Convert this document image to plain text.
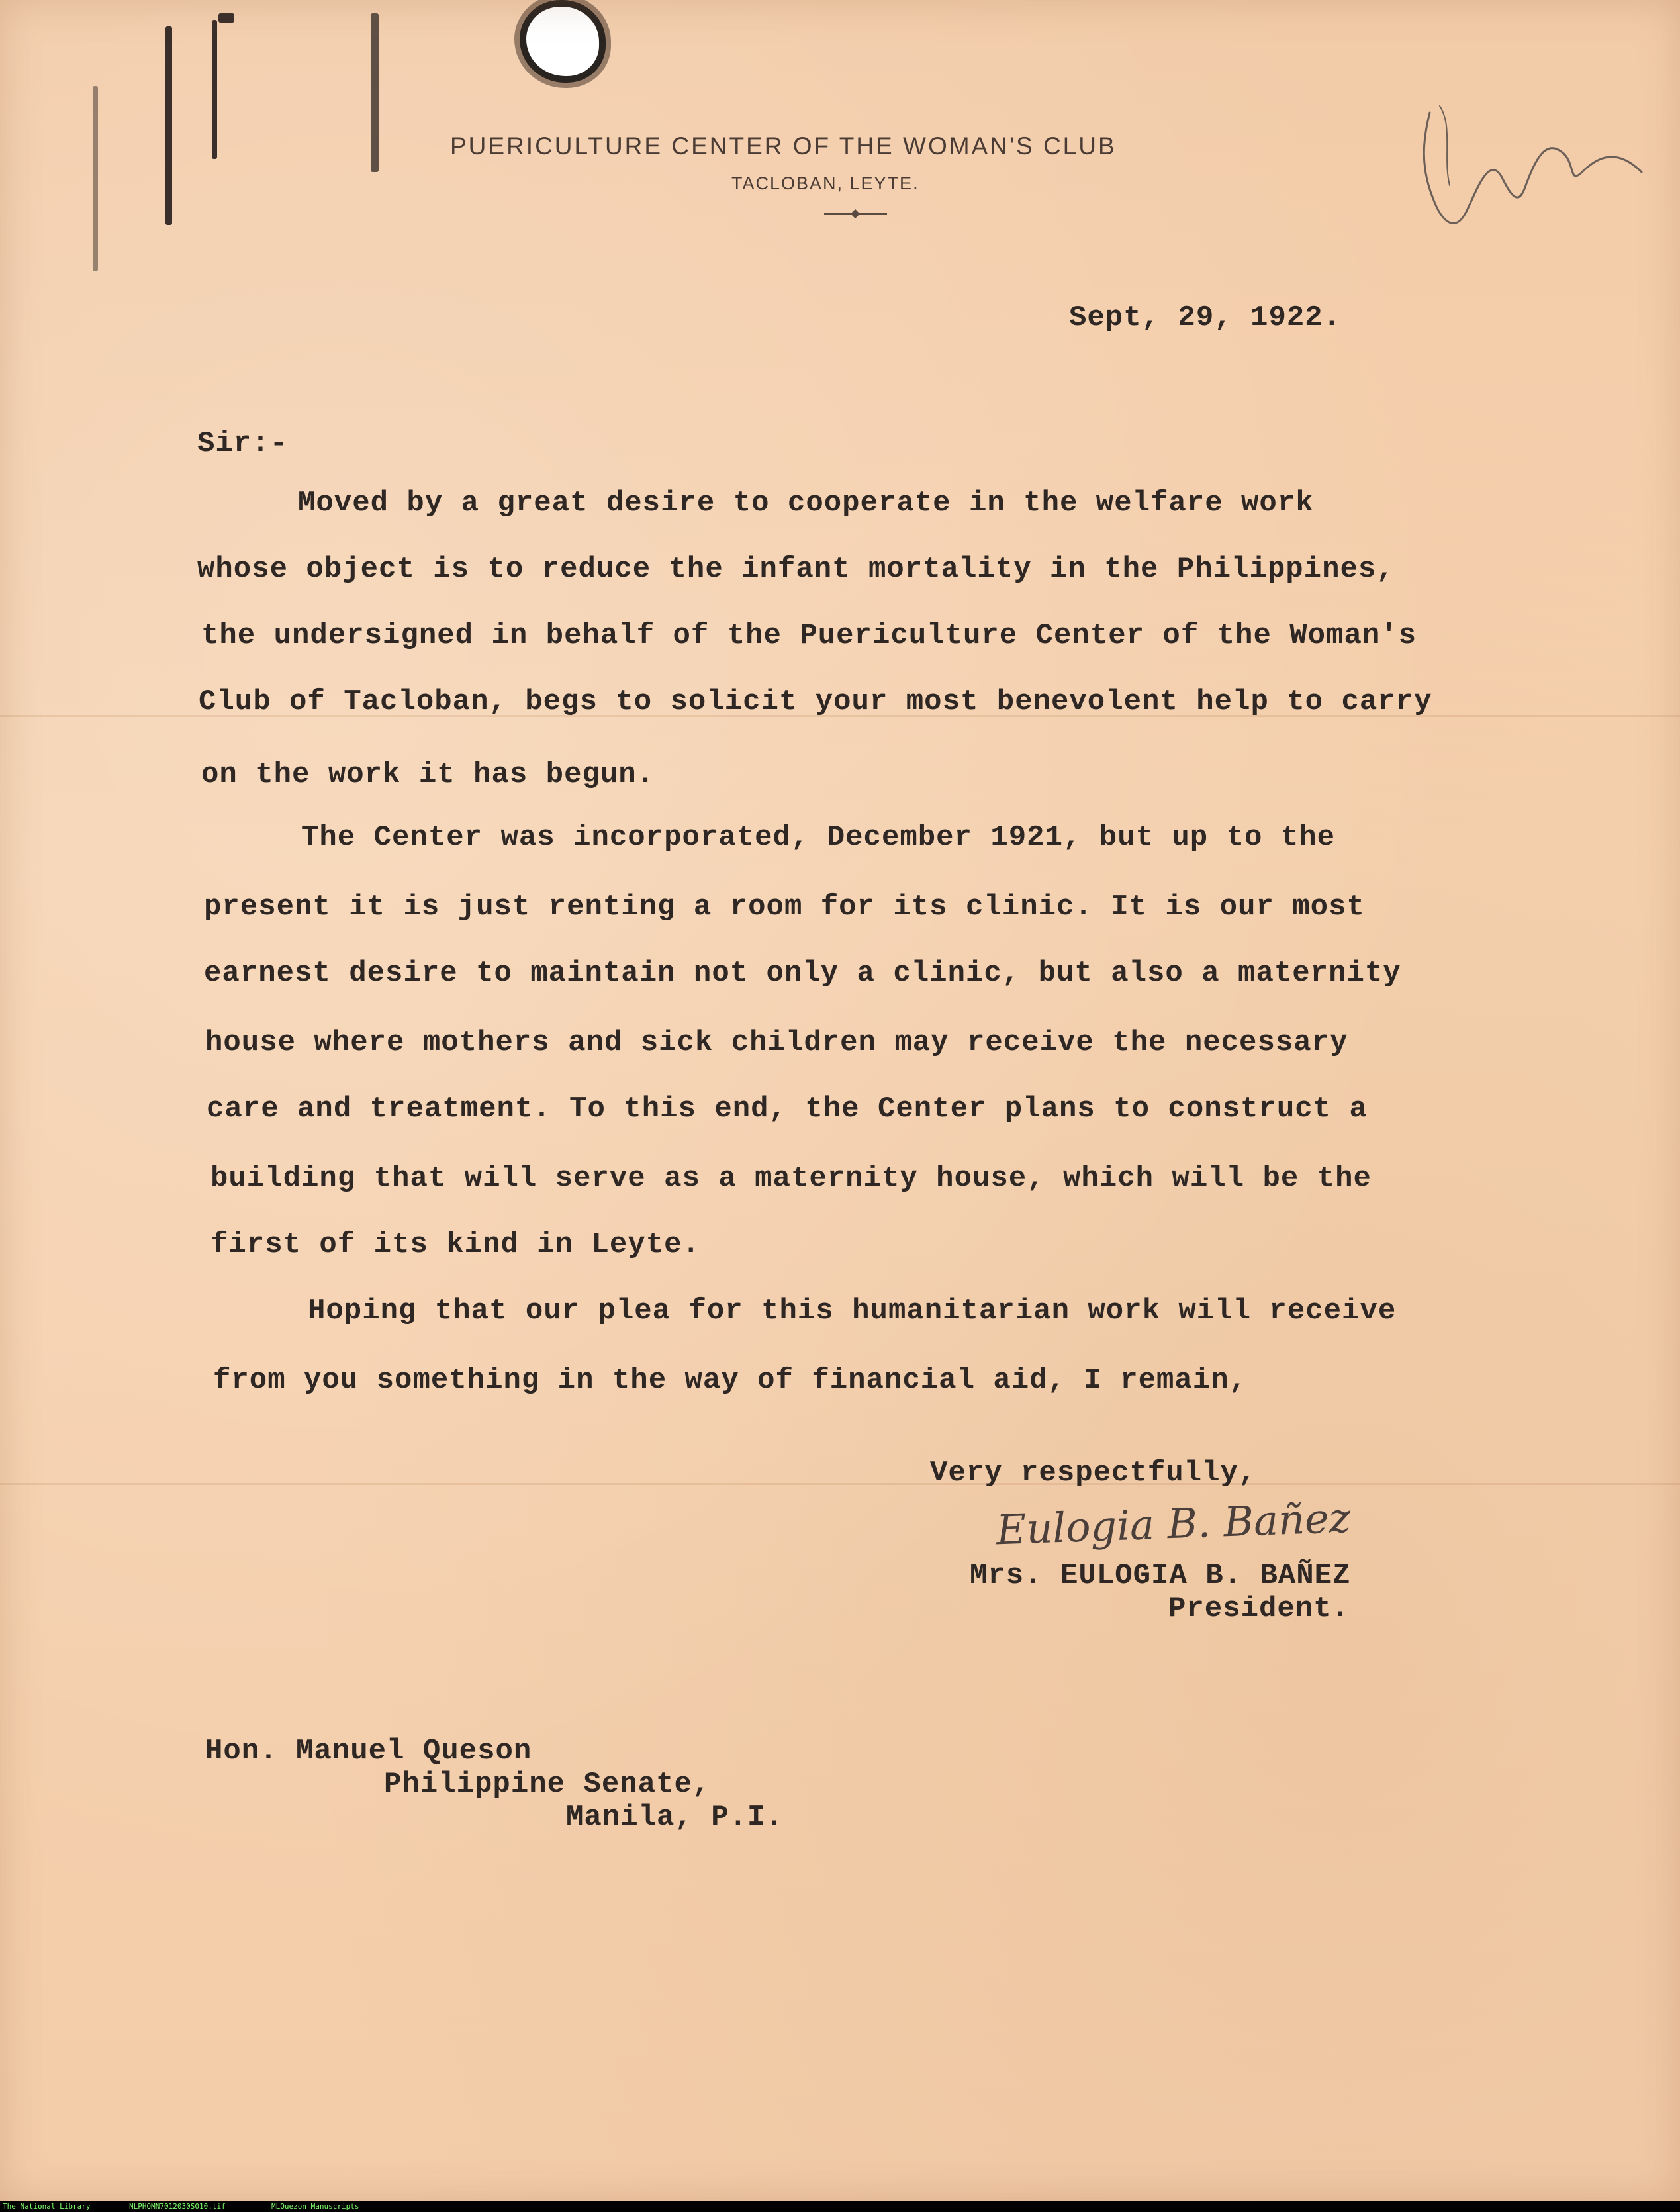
PUERICULTURE CENTER OF THE WOMAN'S CLUB
TACLOBAN, LEYTE.
Sept, 29, 1922.
Sir:-
Moved by a great desire to cooperate in the welfare work
whose object is to reduce the infant mortality in the Philippines,
the undersigned in behalf of the Puericulture Center of the Woman's
Club of Tacloban, begs to solicit your most benevolent help to carry
on the work it has begun.
The Center was incorporated, December 1921, but up to the
present it is just renting a room for its clinic. It is our most
earnest desire to maintain not only a clinic, but also a maternity
house where mothers and sick children may receive the necessary
care and treatment. To this end, the Center plans to construct a
building that will serve as a maternity house, which will be the
first of its kind in Leyte.
Hoping that our plea for this humanitarian work will receive
from you something in the way of financial aid, I remain,
Very respectfully,
Eulogia B. Bañez
Mrs. EULOGIA B. BAÑEZ
President.
Hon. Manuel Queson
Philippine Senate,
Manila, P.I.
The National Library	NLPHQMN7012030S010.tif	MLQuezon Manuscripts
